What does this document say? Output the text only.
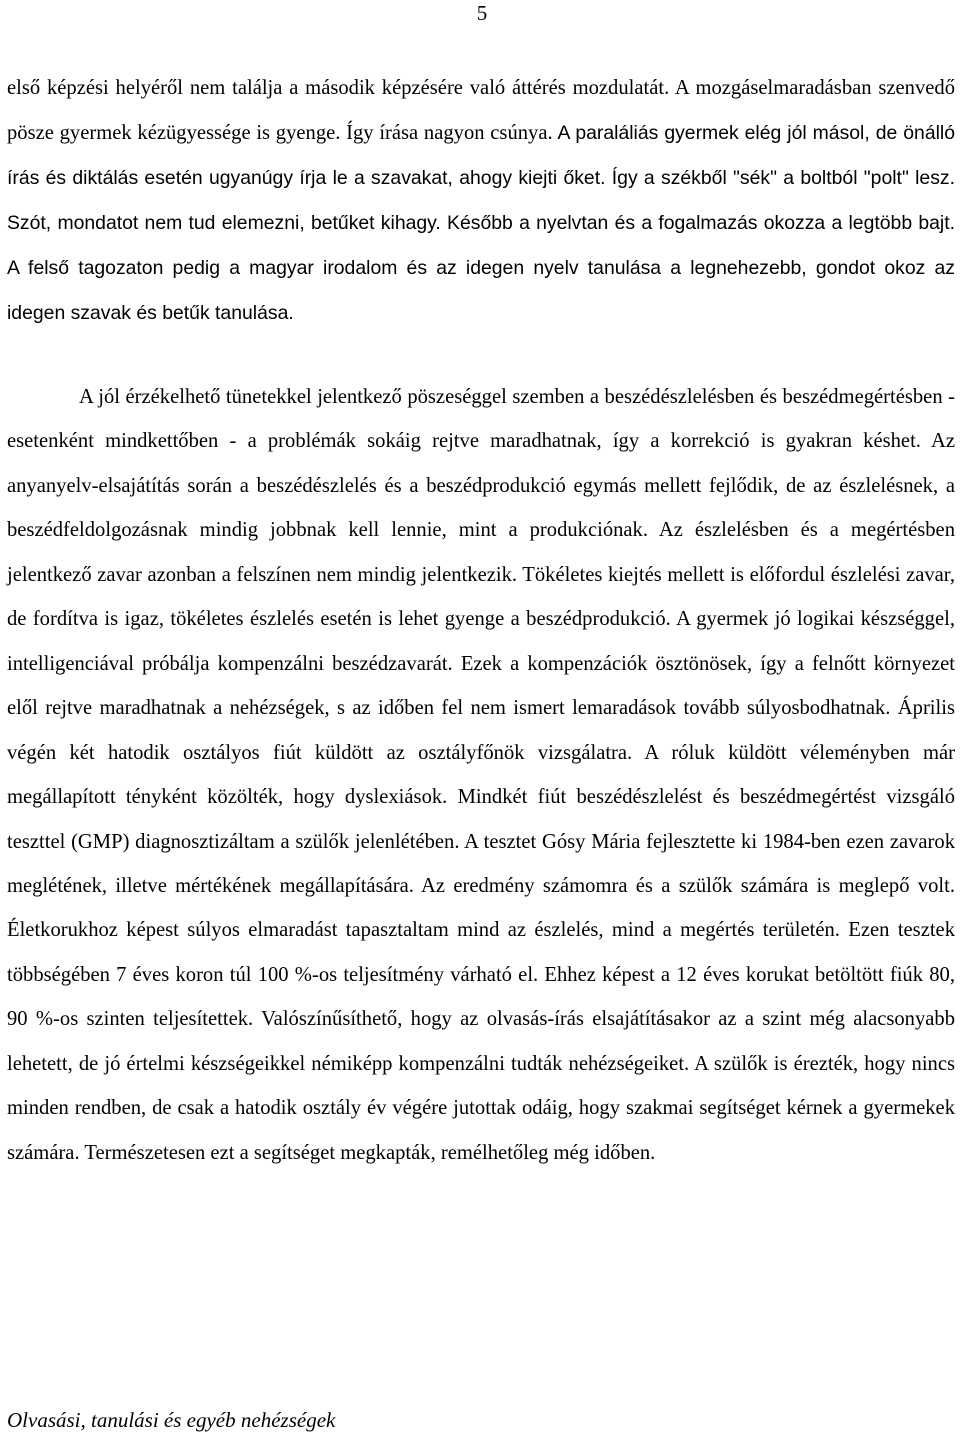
5

első képzési helyéről nem találja a második képzésére való áttérés mozdulatát. A mozgáselmaradásban szenvedő pösze gyermek kézügyessége is gyenge. Így írása nagyon csúnya. A paraláliás gyermek elég jól másol, de önálló írás és diktálás esetén ugyanúgy írja le a szavakat, ahogy kiejti őket. Így a székből "sék" a boltból "polt" lesz. Szót, mondatot nem tud elemezni, betűket kihagy. Később a nyelvtan és a fogalmazás okozza a legtöbb bajt. A felső tagozaton pedig a magyar irodalom és az idegen nyelv tanulása a legnehezebb, gondot okoz az idegen szavak és betűk tanulása.

A jól érzékelhető tünetekkel jelentkező pöszeséggel szemben a beszédészlelésben és beszédmegértésben - esetenként mindkettőben - a problémák sokáig rejtve maradhatnak, így a korrekció is gyakran késhet. Az anyanyelv-elsajátítás során a beszédészlelés és a beszédprodukció egymás mellett fejlődik, de az észlelésnek, a beszédfeldolgozásnak mindig jobbnak kell lennie, mint a produkciónak. Az észlelésben és a megértésben jelentkező zavar azonban a felszínen nem mindig jelentkezik. Tökéletes kiejtés mellett is előfordul észlelési zavar, de fordítva is igaz, tökéletes észlelés esetén is lehet gyenge a beszédprodukció. A gyermek jó logikai készséggel, intelligenciával próbálja kompenzálni beszédzavarát. Ezek a kompenzációk ösztönösek, így a felnőtt környezet elől rejtve maradhatnak a nehézségek, s az időben fel nem ismert lemaradások tovább súlyosbodhatnak. Április végén két hatodik osztályos fiút küldött az osztályfőnök vizsgálatra. A róluk küldött véleményben már megállapított tényként közölték, hogy dyslexiások. Mindkét fiút beszédészlelést és beszédmegértést vizsgáló teszttel (GMP) diagnosztizáltam a szülők jelenlétében. A tesztet Gósy Mária fejlesztette ki 1984-ben ezen zavarok meglétének, illetve mértékének megállapítására. Az eredmény számomra és a szülők számára is meglepő volt. Életkorukhoz képest súlyos elmaradást tapasztaltam mind az észlelés, mind a megértés területén. Ezen tesztek többségében 7 éves koron túl 100 %-os teljesítmény várható el. Ehhez képest a 12 éves korukat betöltött fiúk 80, 90 %-os szinten teljesítettek. Valószínűsíthető, hogy az olvasás-írás elsajátításakor az a szint még alacsonyabb lehetett, de jó értelmi készségeikkel némiképp kompenzálni tudták nehézségeiket. A szülők is érezték, hogy nincs minden rendben, de csak a hatodik osztály év végére jutottak odáig, hogy szakmai segítséget kérnek a gyermekek számára. Természetesen ezt a segítséget megkapták, remélhetőleg még időben.

Olvasási, tanulási és egyéb nehézségek
